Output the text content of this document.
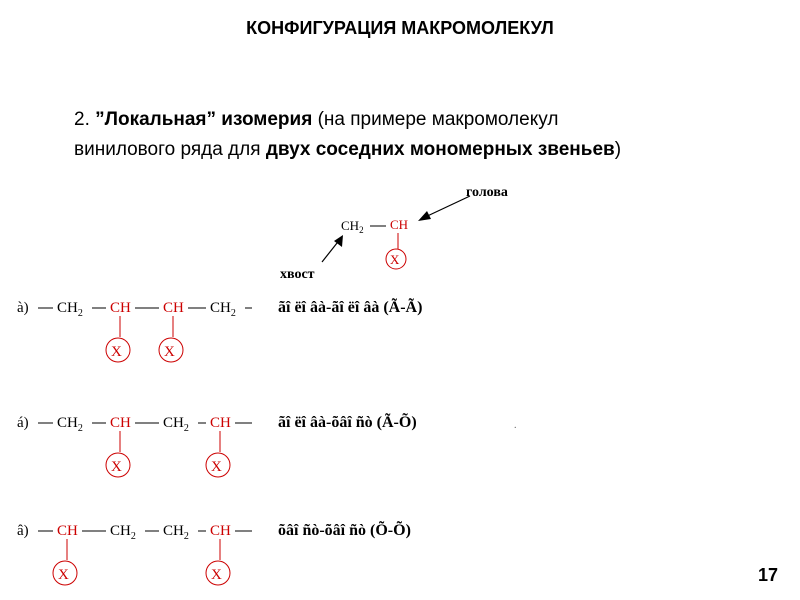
КОНФИГУРАЦИЯ МАКРОМОЛЕКУЛ
2. ”Локальная” изомерия (на примере макромолекул
винилового ряда для двух соседних мономерных звеньев)
$CH_2$ CH
X
голова
хвост
à) $CH_2$ CH
X
CH
X
$CH_2$	ãî ëî âà-ãî ëî âà (Ã-Ã)
á) $CH_2$ CH
X
$CH_2$ CH
X
ãî ëî âà-õâî ñò (Ã-Õ)
â) CH
X
$CH_2$ $CH_2$ CH
X
õâî ñò-õâî ñò (Õ-Õ)
.
17
